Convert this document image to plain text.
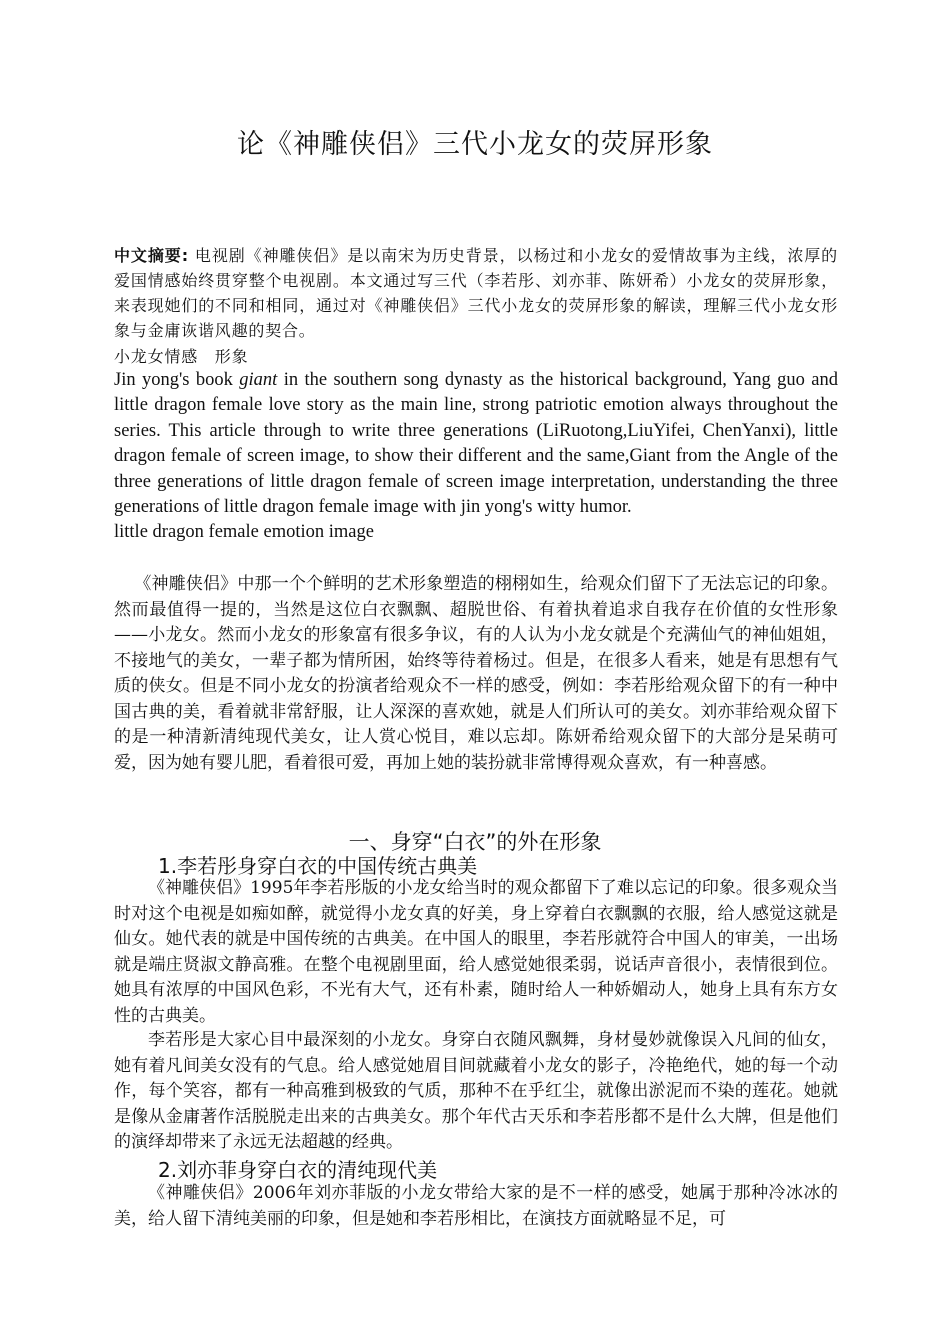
论《神雕侠侣》三代小龙女的荧屏形象

中文摘要: 电视剧《神雕侠侣》是以南宋为历史背景，以杨过和小龙女的爱情故事为主线，浓厚的爱国情感始终贯穿整个电视剧。本文通过写三代（李若彤、刘亦菲、陈妍希）小龙女的荧屏形象，来表现她们的不同和相同，通过对《神雕侠侣》三代小龙女的荧屏形象的解读，理解三代小龙女形象与金庸诙谐风趣的契合。

小龙女情感　形象

Jin yong's book giant in the southern song dynasty as the historical background, Yang guo and little dragon female love story as the main line, strong patriotic emotion always throughout the series. This article through to write three generations (LiRuotong,LiuYifei, ChenYanxi), little dragon female of screen image, to show their different and the same,Giant from the Angle of the three generations of little dragon female of screen image interpretation, understanding the three generations of little dragon female image with jin yong's witty humor.

little dragon female emotion image

《神雕侠侣》中那一个个鲜明的艺术形象塑造的栩栩如生，给观众们留下了无法忘记的印象。然而最值得一提的，当然是这位白衣飘飘、超脱世俗、有着执着追求自我存在价值的女性形象——小龙女。然而小龙女的形象富有很多争议，有的人认为小龙女就是个充满仙气的神仙姐姐，不接地气的美女，一辈子都为情所困，始终等待着杨过。但是，在很多人看来，她是有思想有气质的侠女。但是不同小龙女的扮演者给观众不一样的感受，例如：李若彤给观众留下的有一种中国古典的美，看着就非常舒服，让人深深的喜欢她，就是人们所认可的美女。刘亦菲给观众留下的是一种清新清纯现代美女，让人赏心悦目，难以忘却。陈妍希给观众留下的大部分是呆萌可爱，因为她有婴儿肥，看着很可爱，再加上她的装扮就非常博得观众喜欢，有一种喜感。

一、身穿“白衣”的外在形象
1.李若彤身穿白衣的中国传统古典美

《神雕侠侣》1995年李若彤版的小龙女给当时的观众都留下了难以忘记的印象。很多观众当时对这个电视是如痴如醉，就觉得小龙女真的好美，身上穿着白衣飘飘的衣服，给人感觉这就是仙女。她代表的就是中国传统的古典美。在中国人的眼里，李若彤就符合中国人的审美，一出场就是端庄贤淑文静高雅。在整个电视剧里面，给人感觉她很柔弱，说话声音很小，表情很到位。她具有浓厚的中国风色彩，不光有大气，还有朴素，随时给人一种娇媚动人，她身上具有东方女性的古典美。

李若彤是大家心目中最深刻的小龙女。身穿白衣随风飘舞，身材曼妙就像误入凡间的仙女，她有着凡间美女没有的气息。给人感觉她眉目间就藏着小龙女的影子，冷艳绝代，她的每一个动作，每个笑容，都有一种高雅到极致的气质，那种不在乎红尘，就像出淤泥而不染的莲花。她就是像从金庸著作活脱脱走出来的古典美女。那个年代古天乐和李若彤都不是什么大牌，但是他们的演绎却带来了永远无法超越的经典。

2.刘亦菲身穿白衣的清纯现代美

《神雕侠侣》2006年刘亦菲版的小龙女带给大家的是不一样的感受，她属于那种冷冰冰的美，给人留下清纯美丽的印象，但是她和李若彤相比，在演技方面就略显不足，可
